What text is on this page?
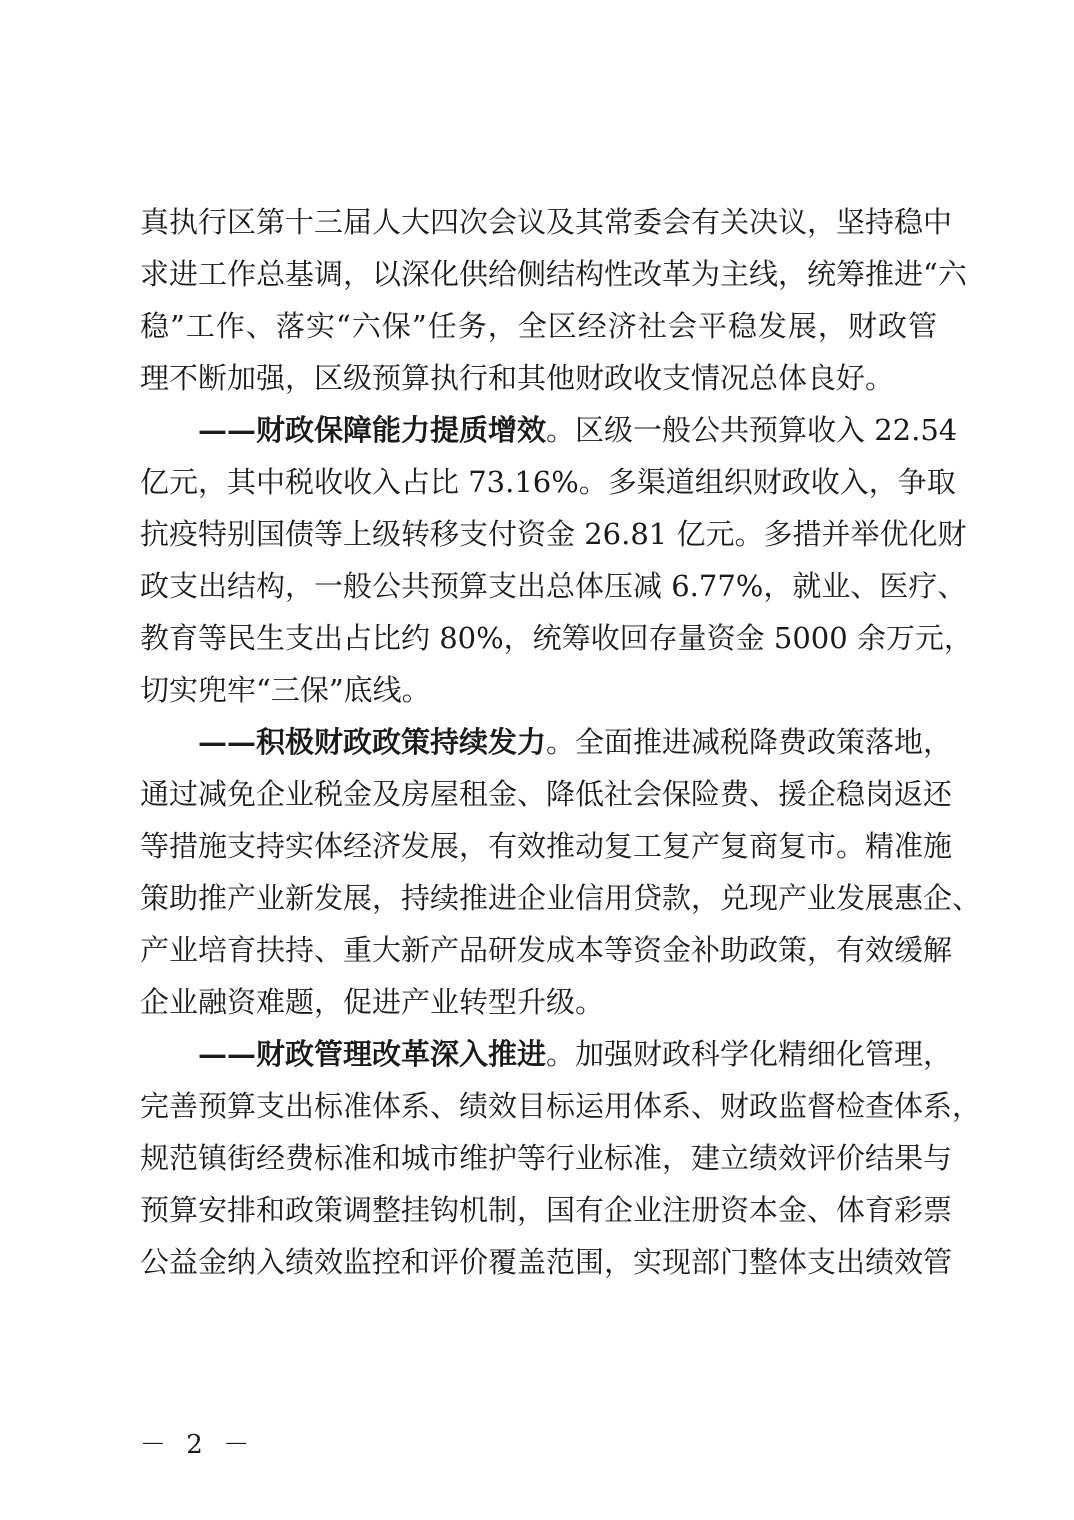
真执行区第十三届人大四次会议及其常委会有关决议，坚持稳中
求进工作总基调，以深化供给侧结构性改革为主线，统筹推进“六
稳”工作、落实“六保”任务，全区经济社会平稳发展，财政管
理不断加强，区级预算执行和其他财政收支情况总体良好。
——财政保障能力提质增效。区级一般公共预算收入 22.54
亿元，其中税收收入占比 73.16%。多渠道组织财政收入，争取
抗疫特别国债等上级转移支付资金 26.81 亿元。多措并举优化财
政支出结构，一般公共预算支出总体压减 6.77%，就业、医疗、
教育等民生支出占比约 80%，统筹收回存量资金 5000 余万元，
切实兜牢“三保”底线。
——积极财政政策持续发力。全面推进减税降费政策落地，
通过减免企业税金及房屋租金、降低社会保险费、援企稳岗返还
等措施支持实体经济发展，有效推动复工复产复商复市。精准施
策助推产业新发展，持续推进企业信用贷款，兑现产业发展惠企、
产业培育扶持、重大新产品研发成本等资金补助政策，有效缓解
企业融资难题，促进产业转型升级。
——财政管理改革深入推进。加强财政科学化精细化管理，
完善预算支出标准体系、绩效目标运用体系、财政监督检查体系，
规范镇街经费标准和城市维护等行业标准，建立绩效评价结果与
预算安排和政策调整挂钩机制，国有企业注册资本金、体育彩票
公益金纳入绩效监控和评价覆盖范围，实现部门整体支出绩效管
－ 2 －
